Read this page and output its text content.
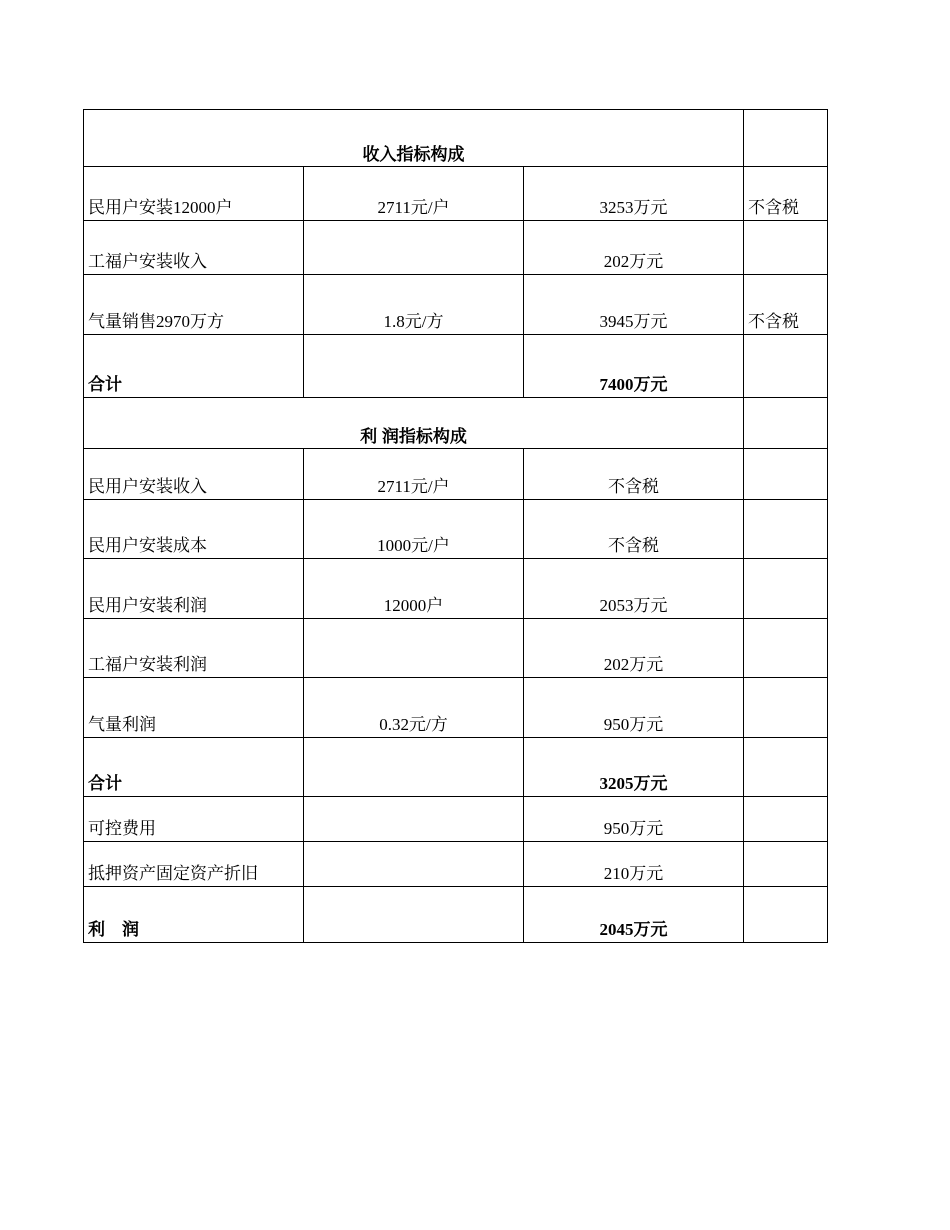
收入指标构成			
民用户安装12000户	2711元/户	3253万元	不含税
工福户安装收入		202万元	
气量销售2970万方	1.8元/方	3945万元	不含税
合计		7400万元	
利 润指标构成			
民用户安装收入	2711元/户	不含税	
民用户安装成本	1000元/户	不含税	
民用户安装利润	12000户	2053万元	
工福户安装利润		202万元	
气量利润	0.32元/方	950万元	
合计		3205万元	
可控费用		950万元	
抵押资产固定资产折旧		210万元	
利　润		2045万元	
